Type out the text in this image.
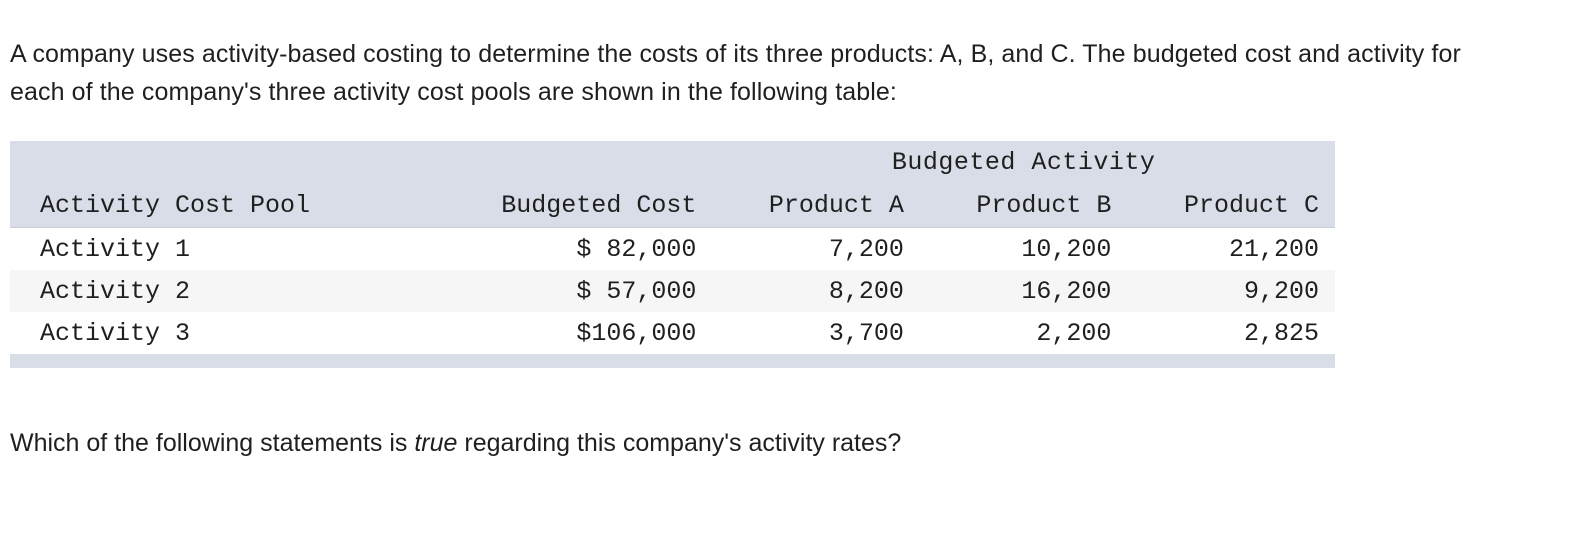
A company uses activity-based costing to determine the costs of its three products: A, B, and C. The budgeted cost and activity for each of the company's three activity cost pools are shown in the following table:

		Budgeted Activity		
Activity Cost Pool	Budgeted Cost	Product A	Product B	Product C
Activity 1	$ 82,000	7,200	10,200	21,200
Activity 2	$ 57,000	8,200	16,200	9,200
Activity 3	$106,000	3,700	2,200	2,825

Which of the following statements is true regarding this company's activity rates?
